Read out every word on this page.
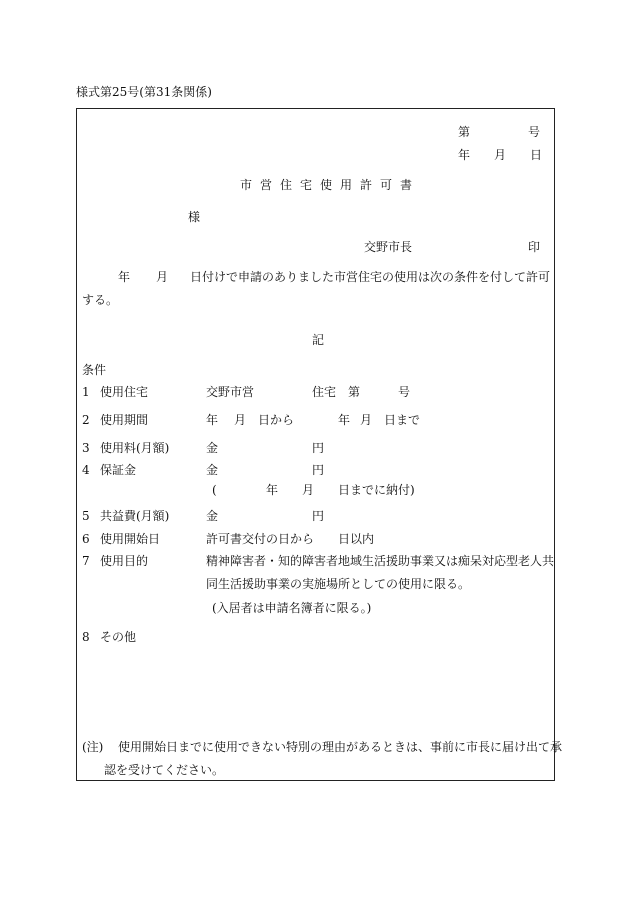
様式第25号(第31条関係)
第	号
年 月 日
市営住宅使用許可書
様
交野市長	印
年 月 日付けで申請のありました市営住宅の使用は次の条件を付して許可
する。
記
条件
1 使用住宅	交野市営	住宅 第	号
2 使用期間	年 月 日から	年 月 日まで
3 使用料(月額)	金	円
4 保証金	金	円
(	年 月 日までに納付)
5 共益費(月額)	金	円
6 使用開始日	許可書交付の日から 日以内
7 使用目的	精神障害者・知的障害者地域生活援助事業又は痴呆対応型老人共
同生活援助事業の実施場所としての使用に限る。
(入居者は申請名簿者に限る。)
8 その他
(注) 使用開始日までに使用できない特別の理由があるときは、事前に市長に届け出て承
認を受けてください。
